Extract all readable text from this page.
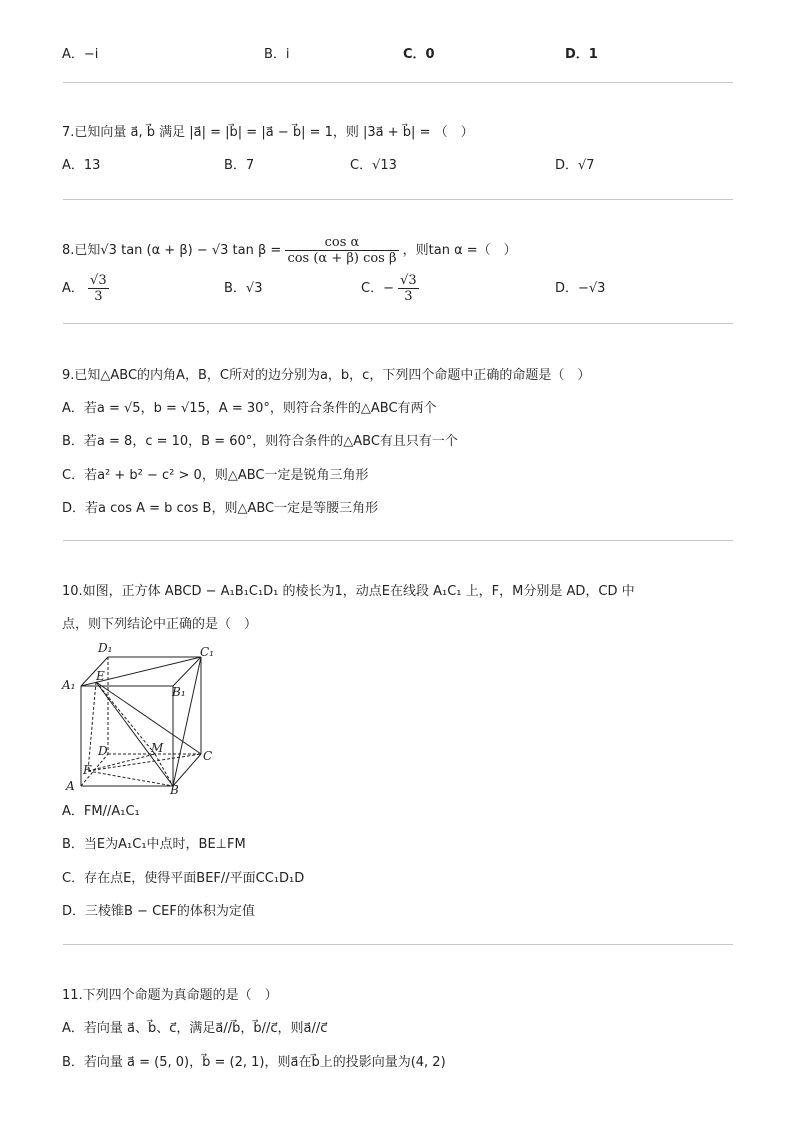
A．−i	B．i	C．0	D．1
7.已知向量 a⃗, b⃗ 满足 |a⃗| = |b⃗| = |a⃗ − b⃗| = 1，则 |3a⃗ + b⃗| = （　）
A．13	B．7	C．√13	D．√7
8.已知√3 tan (α + β) − √3 $\tan \beta = \frac{\text{cos α}}{\text{cos (α + β) cos β}}$ ，则tan α =（　）
A． $\frac{√3}{3}$	B．√3	C．− $\frac{√3}{3}$	D．−√3
9.已知△ABC的内角A，B，C所对的边分别为a，b，c，下列四个命题中正确的命题是（　）
A．若a = √5，b = √15，A = 30°，则符合条件的△ABC有两个
B．若a = 8，c = 10，B = 60°，则符合条件的△ABC有且只有一个
C．若a² + b² − c² > 0，则△ABC一定是锐角三角形
D．若a cos A = b cos B，则△ABC一定是等腰三角形
10.如图，正方体 ABCD − A₁B₁C₁D₁ 的棱长为1，动点E在线段 A₁C₁ 上，F，M分别是 AD，CD 中
点，则下列结论中正确的是（　）
D₁	C₁
A₁
E
B₁
D	M
C
F
A	B
A．FM//A₁C₁
B．当E为A₁C₁中点时，BE⊥FM
C．存在点E，使得平面BEF//平面CC₁D₁D
D．三棱锥B − CEF的体积为定值
11.下列四个命题为真命题的是（　）
A．若向量 a⃗、b⃗、c⃗，满足a⃗//b⃗，b⃗//c⃗，则a⃗//c⃗
B．若向量 a⃗ = (5, 0)，b⃗ = (2, 1)，则a⃗在b⃗上的投影向量为(4, 2)
